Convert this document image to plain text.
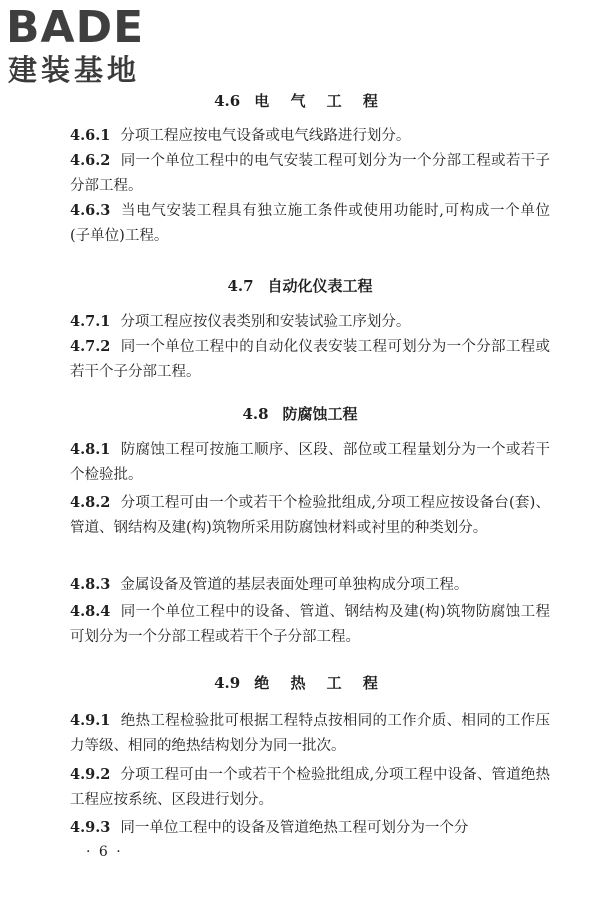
BADE
建装基地
4.6 电 气 工 程
4.6.1 分项工程应按电气设备或电气线路进行划分。
4.6.2 同一个单位工程中的电气安装工程可划分为一个分部工程或若干子分部工程。
4.6.3 当电气安装工程具有独立施工条件或使用功能时,可构成一个单位(子单位)工程。
4.7 自动化仪表工程
4.7.1 分项工程应按仪表类别和安装试验工序划分。
4.7.2 同一个单位工程中的自动化仪表安装工程可划分为一个分部工程或若干个子分部工程。
4.8 防腐蚀工程
4.8.1 防腐蚀工程可按施工顺序、区段、部位或工程量划分为一个或若干个检验批。
4.8.2 分项工程可由一个或若干个检验批组成,分项工程应按设备台(套)、管道、钢结构及建(构)筑物所采用防腐蚀材料或衬里的种类划分。
4.8.3 金属设备及管道的基层表面处理可单独构成分项工程。
4.8.4 同一个单位工程中的设备、管道、钢结构及建(构)筑物防腐蚀工程可划分为一个分部工程或若干个子分部工程。
4.9 绝 热 工 程
4.9.1 绝热工程检验批可根据工程特点按相同的工作介质、相同的工作压力等级、相同的绝热结构划分为同一批次。
4.9.2 分项工程可由一个或若干个检验批组成,分项工程中设备、管道绝热工程应按系统、区段进行划分。
4.9.3 同一单位工程中的设备及管道绝热工程可划分为一个分
· 6 ·
